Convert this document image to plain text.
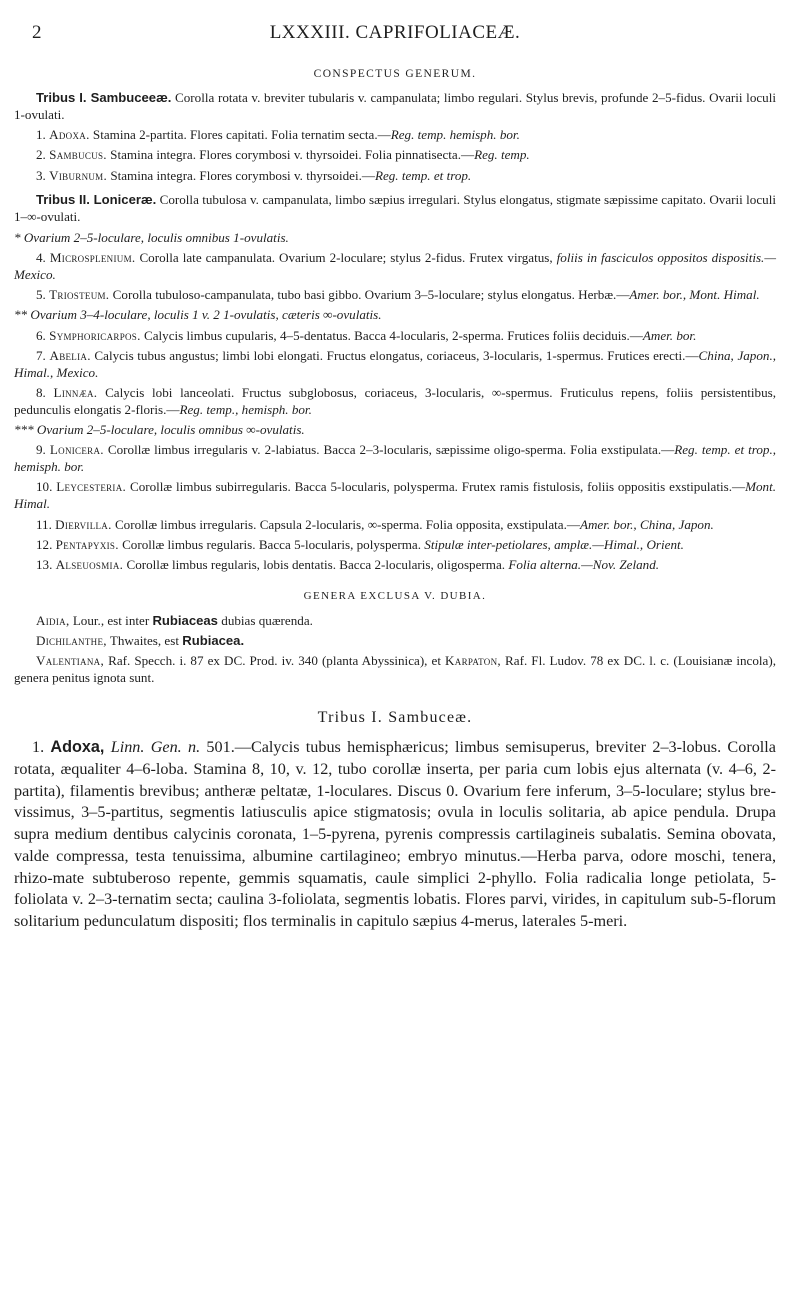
2	LXXXIII. CAPRIFOLIACEÆ.
CONSPECTUS GENERUM.

Tribus I. Sambuceeæ. Corolla rotata v. breviter tubularis v. campanulata; limbo regulari. Stylus brevis, profunde 2–5-fidus. Ovarii loculi 1-ovulati.

1. Adoxa. Stamina 2-partita. Flores capitati. Folia ternatim secta.—Reg. temp. hemisph. bor.

2. Sambucus. Stamina integra. Flores corymbosi v. thyrsoidei. Folia pinnatisecta.—Reg. temp.

3. Viburnum. Stamina integra. Flores corymbosi v. thyrsoidei.—Reg. temp. et trop.

Tribus II. Loniceræ. Corolla tubulosa v. campanulata, limbo sæpius irregulari. Stylus elongatus, stigmate sæpissime capitato. Ovarii loculi 1–∞-ovulati.

* Ovarium 2–5-loculare, loculis omnibus 1-ovulatis.

4. Microsplenium. Corolla late campanulata. Ovarium 2-loculare; stylus 2-fidus. Frutex virgatus, foliis in fasciculos oppositos dispositis.—Mexico.

5. Triosteum. Corolla tubuloso-campanulata, tubo basi gibbo. Ovarium 3–5-loculare; stylus elongatus. Herbæ.—Amer. bor., Mont. Himal.

** Ovarium 3–4-loculare, loculis 1 v. 2 1-ovulatis, cæteris ∞-ovulatis.

6. Symphoricarpos. Calycis limbus cupularis, 4–5-dentatus. Bacca 4-locularis, 2-sperma. Frutices foliis deciduis.—Amer. bor.

7. Abelia. Calycis tubus angustus; limbi lobi elongati. Fructus elongatus, coriaceus, 3-locularis, 1-spermus. Frutices erecti.—China, Japon., Himal., Mexico.

8. Linnæa. Calycis lobi lanceolati. Fructus subglobosus, coriaceus, 3-locularis, ∞-spermus. Fruticulus repens, foliis persistentibus, pedunculis elongatis 2-floris.—Reg. temp., hemisph. bor.

*** Ovarium 2–5-loculare, loculis omnibus ∞-ovulatis.

9. Lonicera. Corollæ limbus irregularis v. 2-labiatus. Bacca 2–3-locularis, sæpissime oligo-sperma. Folia exstipulata.—Reg. temp. et trop., hemisph. bor.

10. Leycesteria. Corollæ limbus subirregularis. Bacca 5-locularis, polysperma. Frutex ramis fistulosis, foliis oppositis exstipulatis.—Mont. Himal.

11. Diervilla. Corollæ limbus irregularis. Capsula 2-locularis, ∞-sperma. Folia opposita, exstipulata.—Amer. bor., China, Japon.

12. Pentapyxis. Corollæ limbus regularis. Bacca 5-locularis, polysperma. Stipulæ inter-petiolares, amplæ.—Himal., Orient.

13. Alseuosmia. Corollæ limbus regularis, lobis dentatis. Bacca 2-locularis, oligosperma. Folia alterna.—Nov. Zeland.

GENERA EXCLUSA V. DUBIA.

Aidia, Lour., est inter Rubiaceas dubias quærenda.

Dichilanthe, Thwaites, est Rubiacea.

Valentiana, Raf. Specch. i. 87 ex DC. Prod. iv. 340 (planta Abyssinica), et Karpaton, Raf. Fl. Ludov. 78 ex DC. l. c. (Louisianæ incola), genera penitus ignota sunt.

Tribus I. Sambuceæ.

1. Adoxa, Linn. Gen. n. 501.—Calycis tubus hemisphæricus; limbus semisuperus, breviter 2–3-lobus. Corolla rotata, æqualiter 4–6-loba. Stamina 8, 10, v. 12, tubo corollæ inserta, per paria cum lobis ejus alternata (v. 4–6, 2-partita), filamentis brevibus; antheræ peltatæ, 1-loculares. Discus 0. Ovarium fere inferum, 3–5-loculare; stylus bre-vissimus, 3–5-partitus, segmentis latiusculis apice stigmatosis; ovula in loculis solitaria, ab apice pendula. Drupa supra medium dentibus calycinis coronata, 1–5-pyrena, pyrenis compressis cartilagineis subalatis. Semina obovata, valde compressa, testa tenuissima, albumine cartilagineo; embryo minutus.—Herba parva, odore moschi, tenera, rhizo-mate subtuberoso repente, gemmis squamatis, caule simplici 2-phyllo. Folia radicalia longe petiolata, 5-foliolata v. 2–3-ternatim secta; caulina 3-foliolata, segmentis lobatis. Flores parvi, virides, in capitulum sub-5-florum solitarium pedunculatum dispositi; flos terminalis in capitulo sæpius 4-merus, laterales 5-meri.
